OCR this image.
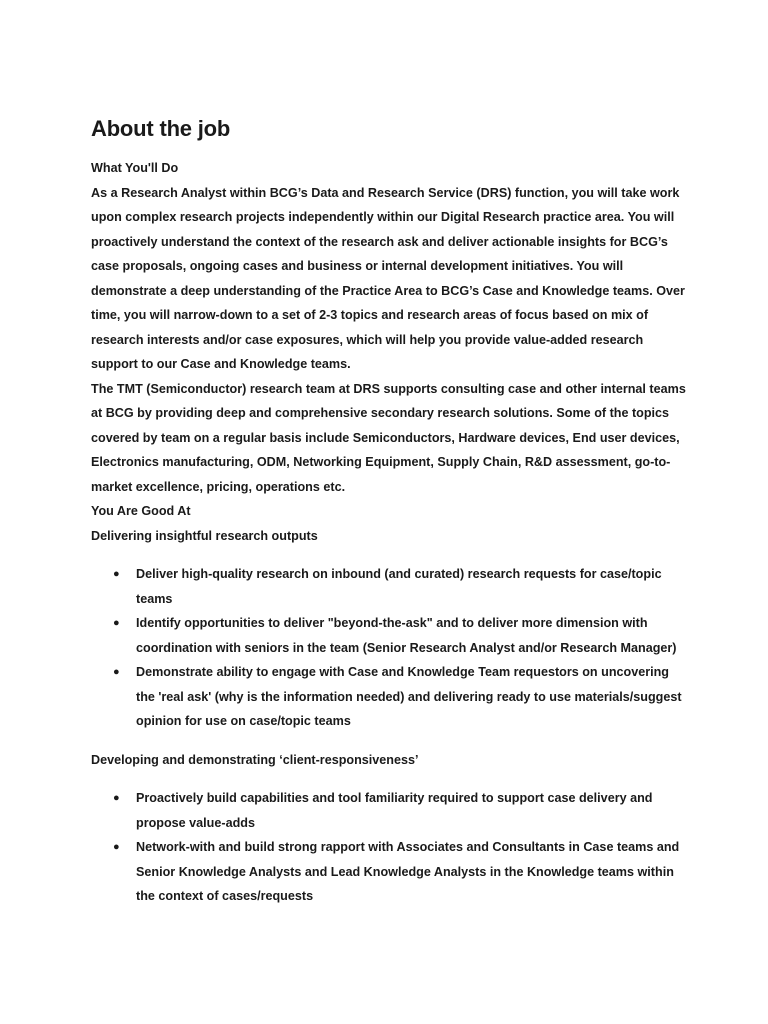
About the job

What You'll Do

As a Research Analyst within BCG’s Data and Research Service (DRS) function, you will take work upon complex research projects independently within our Digital Research practice area. You will proactively understand the context of the research ask and deliver actionable insights for BCG’s case proposals, ongoing cases and business or internal development initiatives. You will demonstrate a deep understanding of the Practice Area to BCG’s Case and Knowledge teams. Over time, you will narrow-down to a set of 2-3 topics and research areas of focus based on mix of research interests and/or case exposures, which will help you provide value-added research support to our Case and Knowledge teams.

The TMT (Semiconductor) research team at DRS supports consulting case and other internal teams at BCG by providing deep and comprehensive secondary research solutions. Some of the topics covered by team on a regular basis include Semiconductors, Hardware devices, End user devices, Electronics manufacturing, ODM, Networking Equipment, Supply Chain, R&D assessment, go-to-market excellence, pricing, operations etc.

You Are Good At

Delivering insightful research outputs

● Deliver high-quality research on inbound (and curated) research requests for case/topic teams
● Identify opportunities to deliver "beyond-the-ask" and to deliver more dimension with coordination with seniors in the team (Senior Research Analyst and/or Research Manager)
● Demonstrate ability to engage with Case and Knowledge Team requestors on uncovering the 'real ask' (why is the information needed) and delivering ready to use materials/suggest opinion for use on case/topic teams

Developing and demonstrating ‘client-responsiveness’

● Proactively build capabilities and tool familiarity required to support case delivery and propose value-adds
● Network-with and build strong rapport with Associates and Consultants in Case teams and Senior Knowledge Analysts and Lead Knowledge Analysts in the Knowledge teams within the context of cases/requests
